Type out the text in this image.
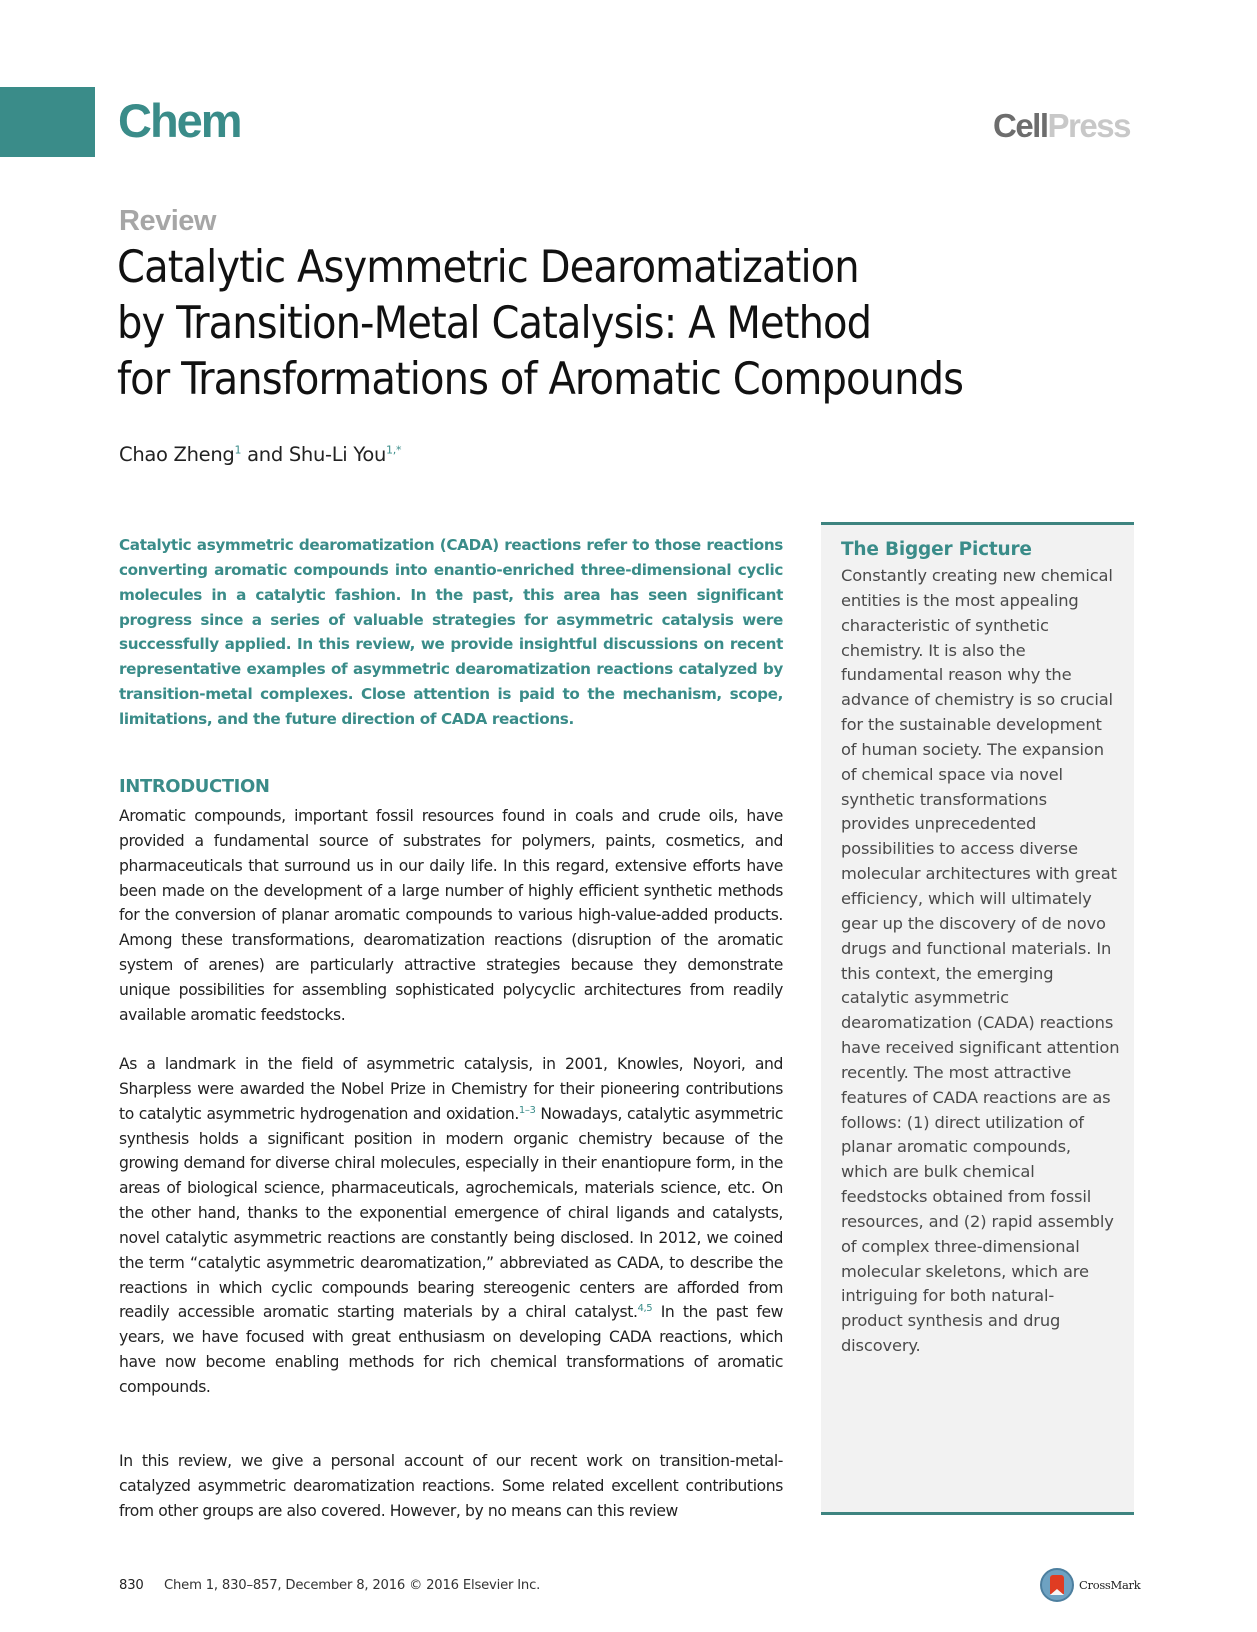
Chem	CellPress
Review
Catalytic Asymmetric Dearomatization
by Transition-Metal Catalysis: A Method
for Transformations of Aromatic Compounds
Chao Zheng$^1$ and Shu-Li You$^{1,*}$

Catalytic asymmetric dearomatization (CADA) reactions refer to those reactions converting aromatic compounds into enantio-enriched three-dimensional cyclic molecules in a catalytic fashion. In the past, this area has seen significant progress since a series of valuable strategies for asymmetric catalysis were successfully applied. In this review, we provide insightful discussions on recent representative examples of asymmetric dearomatization reactions catalyzed by transition-metal complexes. Close attention is paid to the mechanism, scope, limitations, and the future direction of CADA reactions.

INTRODUCTION

Aromatic compounds, important fossil resources found in coals and crude oils, have provided a fundamental source of substrates for polymers, paints, cosmetics, and pharmaceuticals that surround us in our daily life. In this regard, extensive efforts have been made on the development of a large number of highly efficient synthetic methods for the conversion of planar aromatic compounds to various high-value-added products. Among these transformations, dearomatization reactions (disruption of the aromatic system of arenes) are particularly attractive strategies because they demonstrate unique possibilities for assembling sophisticated polycyclic architectures from readily available aromatic feedstocks.

As a landmark in the field of asymmetric catalysis, in 2001, Knowles, Noyori, and Sharpless were awarded the Nobel Prize in Chemistry for their pioneering contributions to catalytic asymmetric hydrogenation and oxidation.$^{1-3}$ Nowadays, catalytic asymmetric synthesis holds a significant position in modern organic chemistry because of the growing demand for diverse chiral molecules, especially in their enantiopure form, in the areas of biological science, pharmaceuticals, agrochemicals, materials science, etc. On the other hand, thanks to the exponential emergence of chiral ligands and catalysts, novel catalytic asymmetric reactions are constantly being disclosed. In 2012, we coined the term “catalytic asymmetric dearomatization,” abbreviated as CADA, to describe the reactions in which cyclic compounds bearing stereogenic centers are afforded from readily accessible aromatic starting materials by a chiral catalyst.$^{4,5}$ In the past few years, we have focused with great enthusiasm on developing CADA reactions, which have now become enabling methods for rich chemical transformations of aromatic compounds.

In this review, we give a personal account of our recent work on transition-metal-catalyzed asymmetric dearomatization reactions. Some related excellent contributions from other groups are also covered. However, by no means can this review

The Bigger Picture
Constantly creating new chemical
entities is the most appealing
characteristic of synthetic
chemistry. It is also the
fundamental reason why the
advance of chemistry is so crucial
for the sustainable development
of human society. The expansion
of chemical space via novel
synthetic transformations
provides unprecedented
possibilities to access diverse
molecular architectures with great
efficiency, which will ultimately
gear up the discovery of de novo
drugs and functional materials. In
this context, the emerging
catalytic asymmetric
dearomatization (CADA) reactions
have received significant attention
recently. The most attractive
features of CADA reactions are as
follows: (1) direct utilization of
planar aromatic compounds,
which are bulk chemical
feedstocks obtained from fossil
resources, and (2) rapid assembly
of complex three-dimensional
molecular skeletons, which are
intriguing for both natural-
product synthesis and drug
discovery.
830 Chem 1, 830–857, December 8, 2016 © 2016 Elsevier Inc.	CrossMark
